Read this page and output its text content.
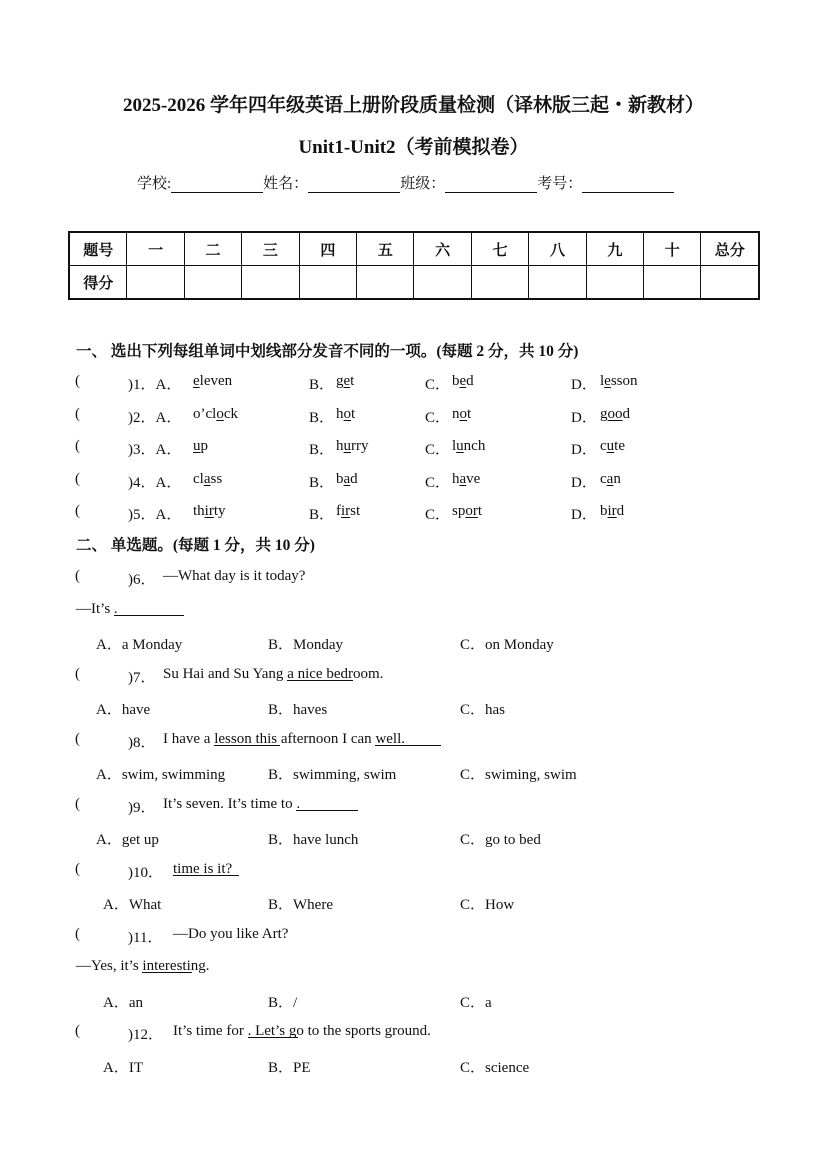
2025-2026 学年四年级英语上册阶段质量检测（译林版三起・新教材）
Unit1-Unit2（考前模拟卷）
学校:	姓名：	班级：	考号：
题号	一	二	三	四	五	六	七	八	九	十	总分
得分											
一、 选出下列每组单词中划线部分发音不同的一项。(每题 2 分，共 10 分)
(	)1．A． eleven	B． get	C． bed	D． lesson
(	)2．A． o’clock	B． hot	C． not	D． good
(	)3．A． up	B． hurry	C． lunch	D． cute
(	)4．A． class	B． bad	C． have	D． can
(	)5．A． thirty	B． first	C． sport	D． bird
二、 单选题。(每题 1 分，共 10 分)
(	)6． —What day is it today?
—It’s .
A．a Monday	B．Monday	C．on Monday
(	)7． Su Hai and Su Yang a nice bedroom.
A．have	B．haves	C．has
(	)8． I have a lesson this afternoon I can well.
A．swim, swimming	B．swimming, swim	C．swiming, swim
(	)9． It’s seven. It’s time to .
A．get up	B．have lunch	C．go to bed
(	)10． time is it?
A．What	B．Where	C．How
(	)11． —Do you like Art?
—Yes, it’s interesting.
A．an	B．/	C．a
(	)12． It’s time for . Let’s go to the sports ground.
A．IT	B．PE	C．science
